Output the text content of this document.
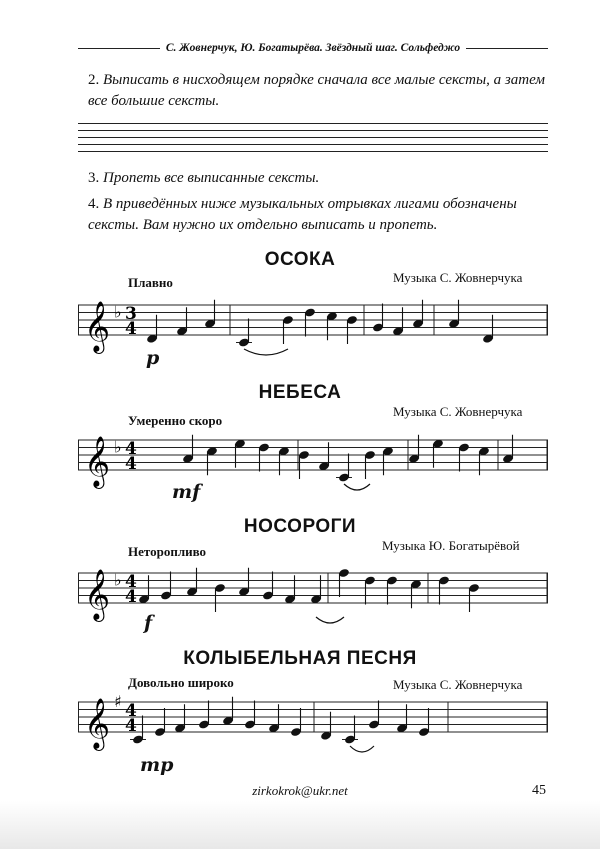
С. Жовнерчук, Ю. Богатырёва. Звёздный шаг. Сольфеджо
2. Выписать в нисходящем порядке сначала все малые сексты, а затем все большие сексты.
3. Пропеть все выписанные сексты.
4. В приведённых ниже музыкальных отрывках лигами обозначены сексты. Вам нужно их отдельно выписать и пропеть.
ОСОКА
Музыка С. Жовнерчука
Плавно
𝄞 ♭ 3
4
p
НЕБЕСА
Музыка С. Жовнерчука
Умеренно скоро
𝄞 ♭ 4
4
mf
НОСОРОГИ
Музыка Ю. Богатырёвой
Неторопливо
𝄞 ♭ 4
4
f
КОЛЫБЕЛЬНАЯ ПЕСНЯ
Музыка С. Жовнерчука
Довольно широко
𝄞 ♯ 4
4
mp
zirkokrok@ukr.net	45
